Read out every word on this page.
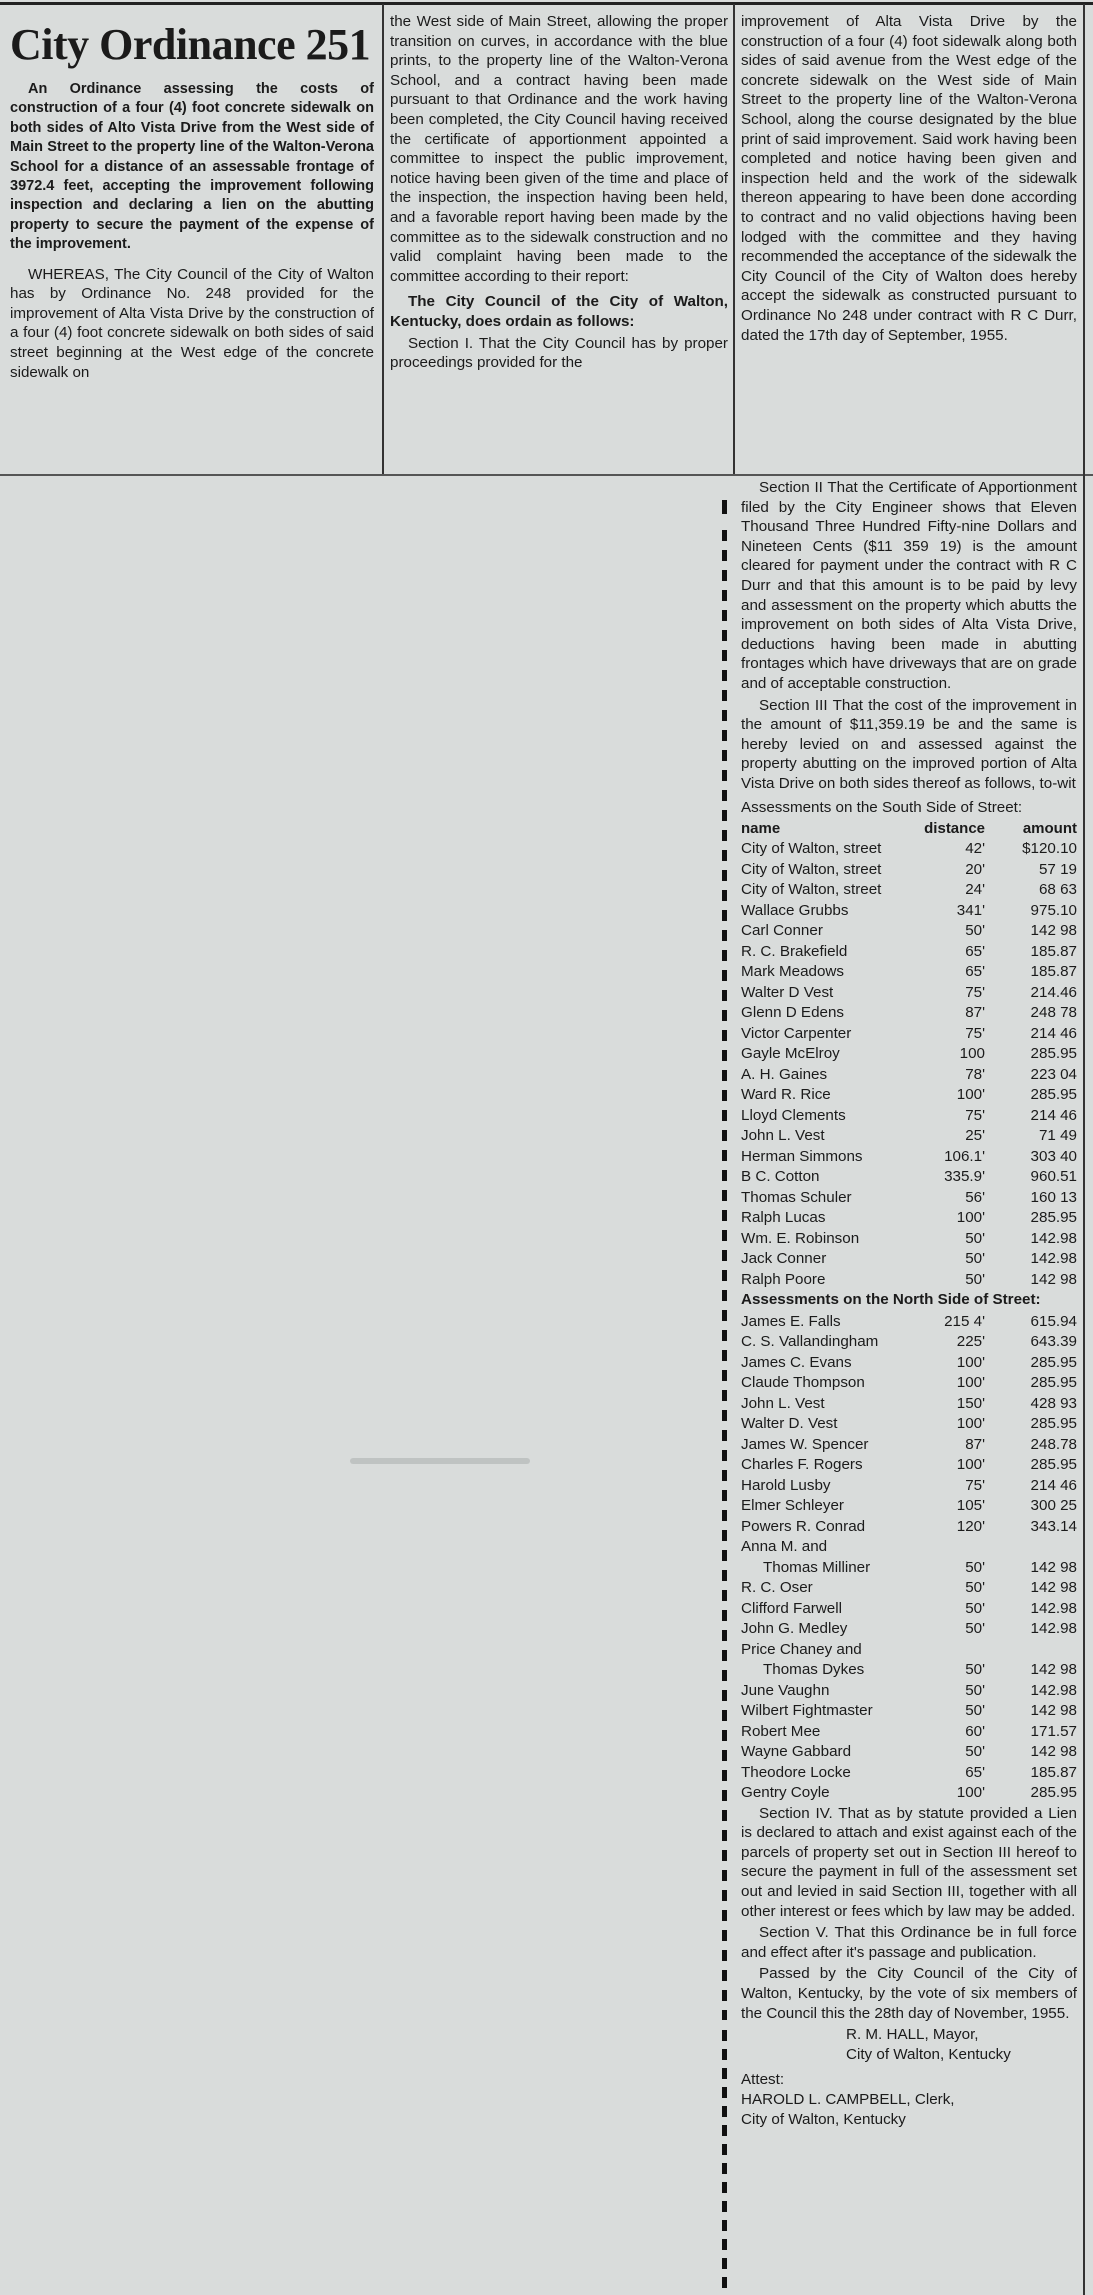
City Ordinance 251

An Ordinance assessing the costs of construction of a four (4) foot concrete sidewalk on both sides of Alto Vista Drive from the West side of Main Street to the property line of the Walton-Verona School for a distance of an assessable frontage of 3972.4 feet, accepting the improvement following inspection and declaring a lien on the abutting property to secure the payment of the expense of the improvement.

WHEREAS, The City Council of the City of Walton has by Ordinance No. 248 provided for the improvement of Alta Vista Drive by the construction of a four (4) foot concrete sidewalk on both sides of said street beginning at the West edge of the concrete sidewalk on

the West side of Main Street, allowing the proper transition on curves, in accordance with the blue prints, to the property line of the Walton-Verona School, and a contract having been made pursuant to that Ordinance and the work having been completed, the City Council having received the certificate of apportionment appointed a committee to inspect the public improvement, notice having been given of the time and place of the inspection, the inspection having been held, and a favorable report having been made by the committee as to the sidewalk construction and no valid complaint having been made to the committee according to their report:

The City Council of the City of Walton, Kentucky, does ordain as follows:

Section I. That the City Council has by proper proceedings provided for the

improvement of Alta Vista Drive by the construction of a four (4) foot sidewalk along both sides of said avenue from the West edge of the concrete sidewalk on the West side of Main Street to the property line of the Walton-Verona School, along the course designated by the blue print of said improvement. Said work having been completed and notice having been given and inspection held and the work of the sidewalk thereon appearing to have been done according to contract and no valid objections having been lodged with the committee and they having recommended the acceptance of the sidewalk the City Council of the City of Walton does hereby accept the sidewalk as constructed pursuant to Ordinance No 248 under contract with R C Durr, dated the 17th day of September, 1955.

Section II That the Certificate of Apportionment filed by the City Engineer shows that Eleven Thousand Three Hundred Fifty-nine Dollars and Nineteen Cents ($11 359 19) is the amount cleared for payment under the contract with R C Durr and that this amount is to be paid by levy and assessment on the property which abutts the improvement on both sides of Alta Vista Drive, deductions having been made in abutting frontages which have driveways that are on grade and of acceptable construction.

Section III That the cost of the improvement in the amount of $11,359.19 be and the same is hereby levied on and assessed against the property abutting on the improved portion of Alta Vista Drive on both sides thereof as follows, to-wit

Assessments on the South Side of Street:

name	distance	amount
City of Walton, street	42'	$120.10
City of Walton, street	20'	57 19
City of Walton, street	24'	68 63
Wallace Grubbs	341'	975.10
Carl Conner	50'	142 98
R. C. Brakefield	65'	185.87
Mark Meadows	65'	185.87
Walter D Vest	75'	214.46
Glenn D Edens	87'	248 78
Victor Carpenter	75'	214 46
Gayle McElroy	100	285.95
A. H. Gaines	78'	223 04
Ward R. Rice	100'	285.95
Lloyd Clements	75'	214 46
John L. Vest	25'	71 49
Herman Simmons	106.1'	303 40
B C. Cotton	335.9'	960.51
Thomas Schuler	56'	160 13
Ralph Lucas	100'	285.95
Wm. E. Robinson	50'	142.98
Jack Conner	50'	142.98
Ralph Poore	50'	142 98

Assessments on the North Side of Street:

James E. Falls	215 4'	615.94
C. S. Vallandingham	225'	643.39
James C. Evans	100'	285.95
Claude Thompson	100'	285.95
John L. Vest	150'	428 93
Walter D. Vest	100'	285.95
James W. Spencer	87'	248.78
Charles F. Rogers	100'	285.95
Harold Lusby	75'	214 46
Elmer Schleyer	105'	300 25
Powers R. Conrad	120'	343.14
Anna M. and		
Thomas Milliner	50'	142 98
R. C. Oser	50'	142 98
Clifford Farwell	50'	142.98
John G. Medley	50'	142.98
Price Chaney and		
Thomas Dykes	50'	142 98
June Vaughn	50'	142.98
Wilbert Fightmaster	50'	142 98
Robert Mee	60'	171.57
Wayne Gabbard	50'	142 98
Theodore Locke	65'	185.87
Gentry Coyle	100'	285.95

Section IV. That as by statute provided a Lien is declared to attach and exist against each of the parcels of property set out in Section III hereof to secure the payment in full of the assessment set out and levied in said Section III, together with all other interest or fees which by law may be added.

Section V. That this Ordinance be in full force and effect after it's passage and publication.

Passed by the City Council of the City of Walton, Kentucky, by the vote of six members of the Council this the 28th day of November, 1955.

R. M. HALL, Mayor,

City of Walton, Kentucky

Attest:

HAROLD L. CAMPBELL, Clerk,

City of Walton, Kentucky
